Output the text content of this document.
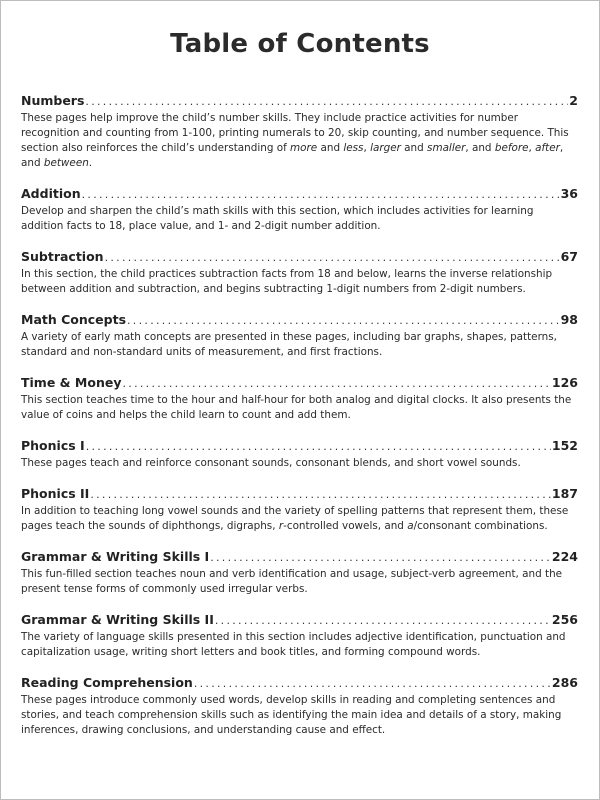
Table of Contents
Numbers . . .	2
These pages help improve the child’s number skills. They include practice activities for number recognition and counting from 1-100, printing numerals to 20, skip counting, and number sequence. This section also reinforces the child’s understanding of more and less, larger and smaller, and before, after, and between.
Addition . . .	36
Develop and sharpen the child’s math skills with this section, which includes activities for learning addition facts to 18, place value, and 1- and 2-digit number addition.
Subtraction . . .	67
In this section, the child practices subtraction facts from 18 and below, learns the inverse relationship between addition and subtraction, and begins subtracting 1-digit numbers from 2-digit numbers.
Math Concepts . . .	98
A variety of early math concepts are presented in these pages, including bar graphs, shapes, patterns, standard and non-standard units of measurement, and first fractions.
Time & Money . . .	126
This section teaches time to the hour and half-hour for both analog and digital clocks. It also presents the value of coins and helps the child learn to count and add them.
Phonics I . . .	152
These pages teach and reinforce consonant sounds, consonant blends, and short vowel sounds.
Phonics II . . .	187
In addition to teaching long vowel sounds and the variety of spelling patterns that represent them, these pages teach the sounds of diphthongs, digraphs, r-controlled vowels, and a/consonant combinations.
Grammar & Writing Skills I . . .	224
This fun-filled section teaches noun and verb identification and usage, subject-verb agreement, and the present tense forms of commonly used irregular verbs.
Grammar & Writing Skills II . . .	256
The variety of language skills presented in this section includes adjective identification, punctuation and capitalization usage, writing short letters and book titles, and forming compound words.
Reading Comprehension . . .	286
These pages introduce commonly used words, develop skills in reading and completing sentences and stories, and teach comprehension skills such as identifying the main idea and details of a story, making inferences, drawing conclusions, and understanding cause and effect.
